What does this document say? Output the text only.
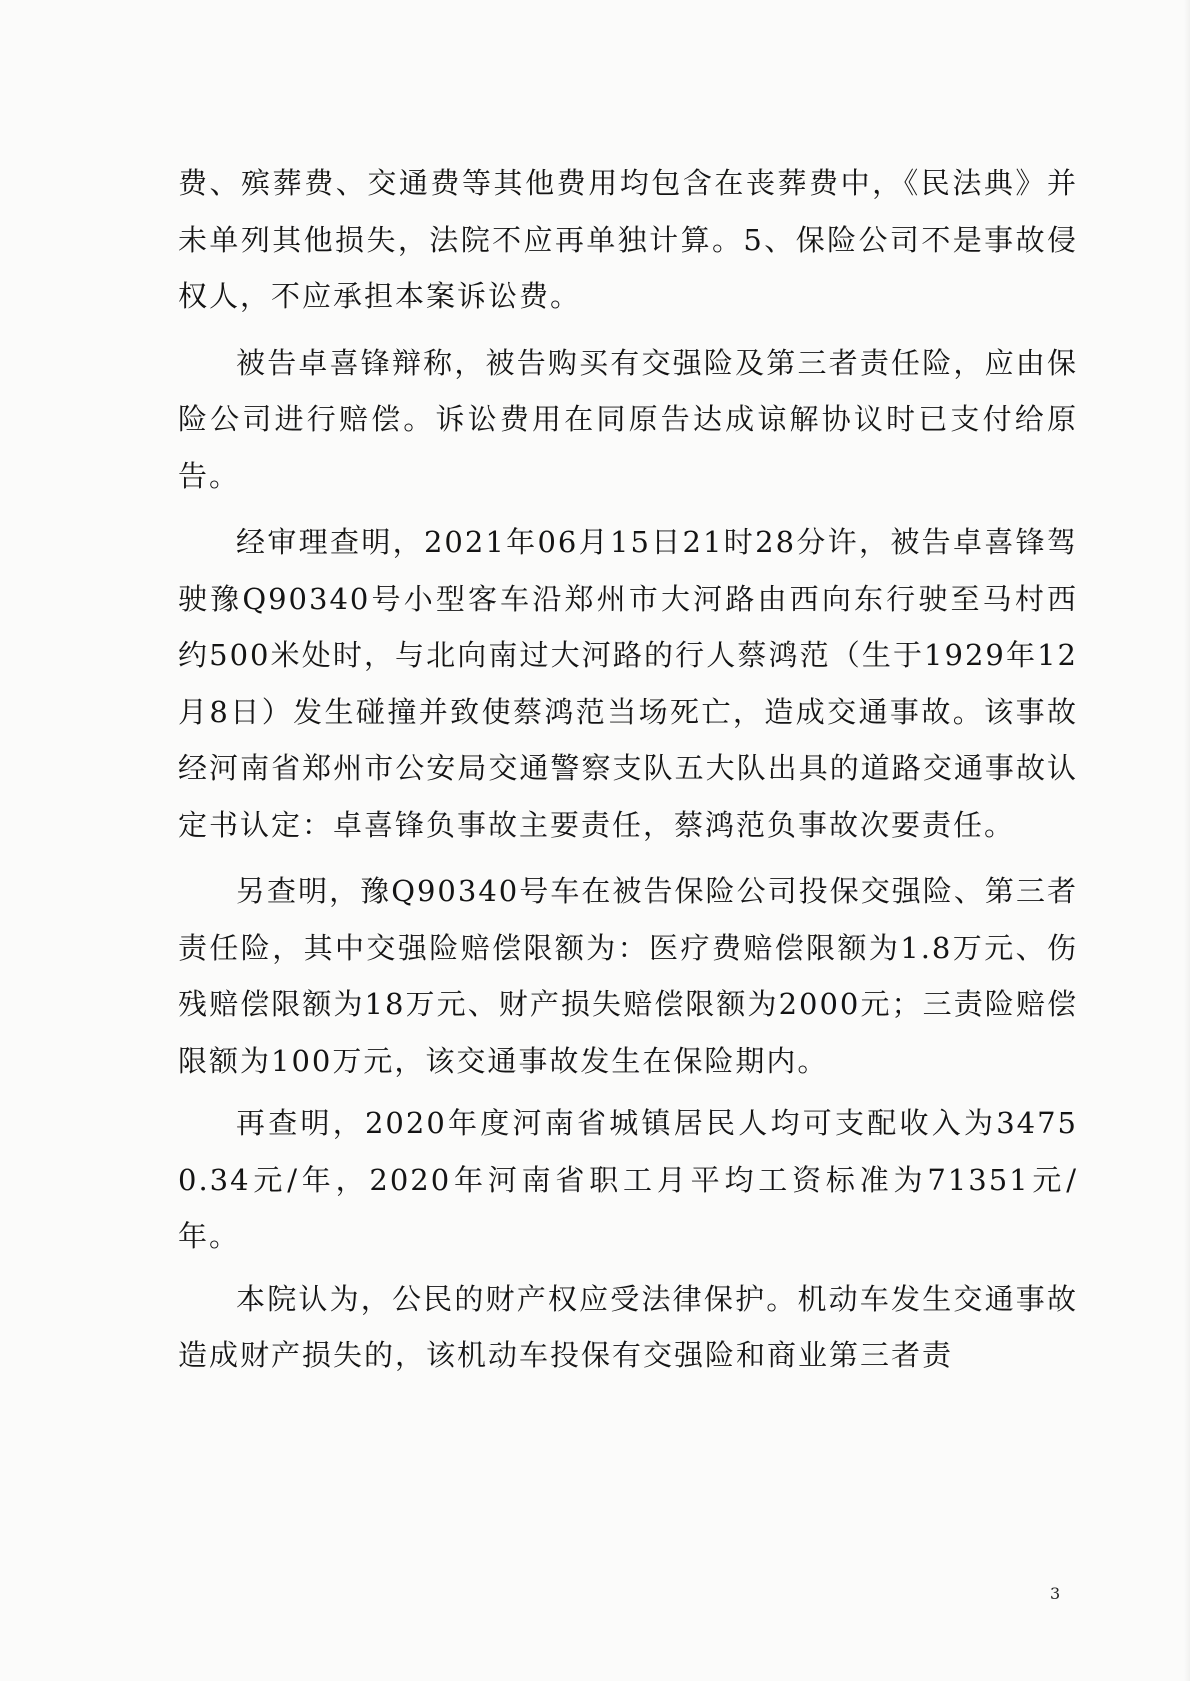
费、殡葬费、交通费等其他费用均包含在丧葬费中，《民法典》并未单列其他损失，法院不应再单独计算。5、保险公司不是事故侵权人，不应承担本案诉讼费。

被告卓喜锋辩称，被告购买有交强险及第三者责任险，应由保险公司进行赔偿。诉讼费用在同原告达成谅解协议时已支付给原告。

经审理查明，2021年06月15日21时28分许，被告卓喜锋驾驶豫Q90340号小型客车沿郑州市大河路由西向东行驶至马村西约500米处时，与北向南过大河路的行人蔡鸿范（生于1929年12月8日）发生碰撞并致使蔡鸿范当场死亡，造成交通事故。该事故经河南省郑州市公安局交通警察支队五大队出具的道路交通事故认定书认定：卓喜锋负事故主要责任，蔡鸿范负事故次要责任。

另查明，豫Q90340号车在被告保险公司投保交强险、第三者责任险，其中交强险赔偿限额为：医疗费赔偿限额为1.8万元、伤残赔偿限额为18万元、财产损失赔偿限额为2000元；三责险赔偿限额为100万元，该交通事故发生在保险期内。

再查明，2020年度河南省城镇居民人均可支配收入为34750.34元/年，2020年河南省职工月平均工资标准为71351元/年。

本院认为，公民的财产权应受法律保护。机动车发生交通事故造成财产损失的，该机动车投保有交强险和商业第三者责

3
